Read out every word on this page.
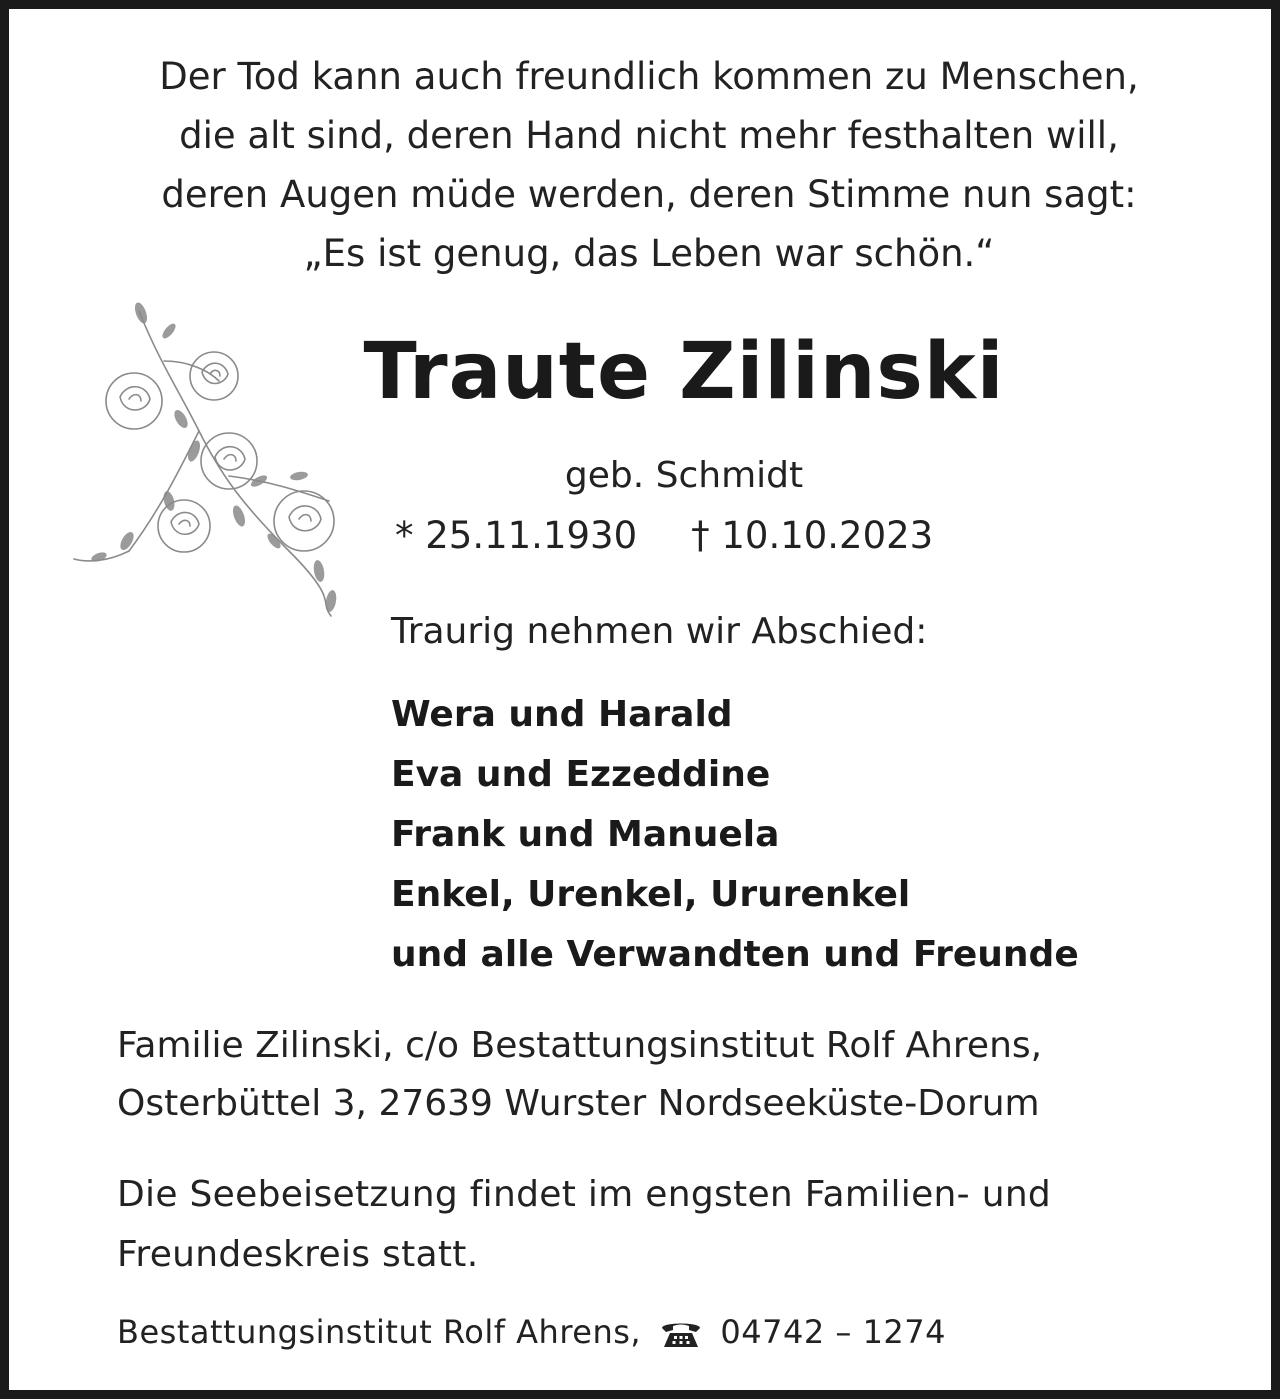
Der Tod kann auch freundlich kommen zu Menschen,
die alt sind, deren Hand nicht mehr festhalten will,
deren Augen müde werden, deren Stimme nun sagt:
„Es ist genug, das Leben war schön.“
Traute Zilinski
geb. Schmidt
* 25.11.1930 † 10.10.2023
Traurig nehmen wir Abschied:
Wera und Harald
Eva und Ezzeddine
Frank und Manuela
Enkel, Urenkel, Ururenkel
und alle Verwandten und Freunde
Familie Zilinski, c/o Bestattungsinstitut Rolf Ahrens,
Osterbüttel 3, 27639 Wurster Nordseeküste-Dorum
Die Seebeisetzung findet im engsten Familien- und
Freundeskreis statt.
Bestattungsinstitut Rolf Ahrens, 04742 – 1274
